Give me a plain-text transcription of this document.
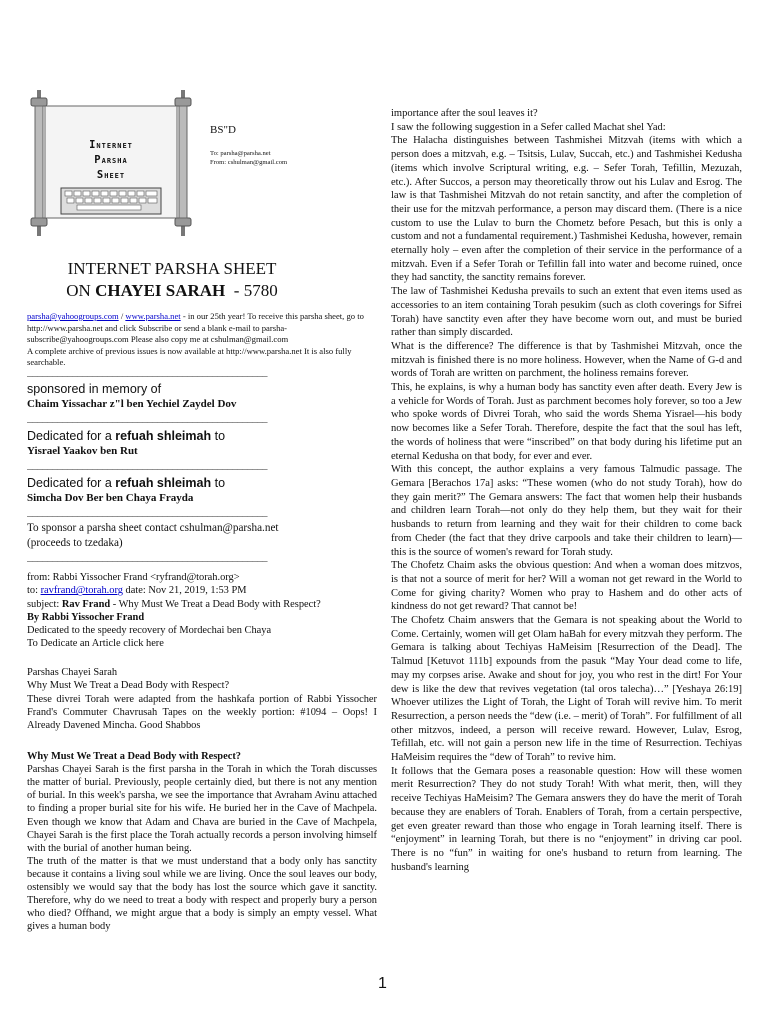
Internet
Parsha
Sheet
BS"D
To: parsha@parsha.net
From: cshulman@gmail.com
INTERNET PARSHA SHEET
ON CHAYEI SARAH  - 5780
parsha@yahoogroups.com / www.parsha.net - in our 25th year! To receive this parsha sheet, go to http://www.parsha.net and click Subscribe or send a blank e-mail to parsha-subscribe@yahoogroups.com Please also copy me at cshulman@gmail.com
A complete archive of previous issues is now available at http://www.parsha.net It is also fully searchable.
________________________________________________
sponsored in memory of
Chaim Yissachar z"l ben Yechiel Zaydel Dov
________________________________________________
Dedicated for a refuah shleimah to
Yisrael Yaakov ben Rut
________________________________________________
Dedicated for a refuah shleimah to
Simcha Dov Ber ben Chaya Frayda
________________________________________________
To sponsor a parsha sheet contact cshulman@parsha.net
(proceeds to tzedaka)
________________________________________________
from: Rabbi Yissocher Frand <ryfrand@torah.org>
to: ravfrand@torah.org date: Nov 21, 2019, 1:53 PM
subject: Rav Frand - Why Must We Treat a Dead Body with Respect?
By Rabbi Yissocher Frand
Dedicated to the speedy recovery of Mordechai ben Chaya
To Dedicate an Article click here
Parshas Chayei Sarah
Why Must We Treat a Dead Body with Respect?

These divrei Torah were adapted from the hashkafa portion of Rabbi Yissocher Frand's Commuter Chavrusah Tapes on the weekly portion: #1094 – Oops! I Already Davened Mincha. Good Shabbos

Why Must We Treat a Dead Body with Respect?

Parshas Chayei Sarah is the first parsha in the Torah in which the Torah discusses the matter of burial. Previously, people certainly died, but there is not any mention of burial. In this week's parsha, we see the importance that Avraham Avinu attached to finding a proper burial site for his wife. He buried her in the Cave of Machpela. Even though we know that Adam and Chava are buried in the Cave of Machpela, Chayei Sarah is the first place the Torah actually records a person involving himself with the burial of another human being.

The truth of the matter is that we must understand that a body only has sanctity because it contains a living soul while we are living. Once the soul leaves our body, ostensibly we would say that the body has lost the source which gave it sanctity. Therefore, why do we need to treat a body with respect and properly bury a person who died? Offhand, we might argue that a body is simply an empty vessel. What gives a human body

importance after the soul leaves it?

I saw the following suggestion in a Sefer called Machat shel Yad:

The Halacha distinguishes between Tashmishei Mitzvah (items with which a person does a mitzvah, e.g. – Tsitsis, Lulav, Succah, etc.) and Tashmishei Kedusha (items which involve Scriptural writing, e.g. – Sefer Torah, Tefillin, Mezuzah, etc.). After Succos, a person may theoretically throw out his Lulav and Esrog. The law is that Tashmishei Mitzvah do not retain sanctity, and after the completion of their use for the mitzvah performance, a person may discard them. (There is a nice custom to use the Lulav to burn the Chometz before Pesach, but this is only a custom and not a fundamental requirement.) Tashmishei Kedusha, however, remain eternally holy – even after the completion of their service in the performance of a mitzvah. Even if a Sefer Torah or Tefillin fall into water and become ruined, once they had sanctity, the sanctity remains forever.

The law of Tashmishei Kedusha prevails to such an extent that even items used as accessories to an item containing Torah pesukim (such as cloth coverings for Sifrei Torah) have sanctity even after they have become worn out, and must be buried rather than simply discarded.

What is the difference? The difference is that by Tashmishei Mitzvah, once the mitzvah is finished there is no more holiness. However, when the Name of G-d and words of Torah are written on parchment, the holiness remains forever.

This, he explains, is why a human body has sanctity even after death. Every Jew is a vehicle for Words of Torah. Just as parchment becomes holy forever, so too a Jew who spoke words of Divrei Torah, who said the words Shema Yisrael—his body now becomes like a Sefer Torah. Therefore, despite the fact that the soul has left, the words of holiness that were “inscribed” on that body during his lifetime put an eternal Kedusha on that body, for ever and ever.

With this concept, the author explains a very famous Talmudic passage. The Gemara [Berachos 17a] asks: “These women (who do not study Torah), how do they gain merit?” The Gemara answers: The fact that women help their husbands and children learn Torah—not only do they help them, but they wait for their husbands to return from learning and they wait for their children to come back from Cheder (the fact that they drive carpools and take their children to learn)—this is the source of women's reward for Torah study.

The Chofetz Chaim asks the obvious question: And when a woman does mitzvos, is that not a source of merit for her? Will a woman not get reward in the World to Come for giving charity? Women who pray to Hashem and do other acts of kindness do not get reward? That cannot be!

The Chofetz Chaim answers that the Gemara is not speaking about the World to Come. Certainly, women will get Olam haBah for every mitzvah they perform. The Gemara is talking about Techiyas HaMeisim [Resurrection of the Dead]. The Talmud [Ketuvot 111b] expounds from the pasuk “May Your dead come to life, may my corpses arise. Awake and shout for joy, you who rest in the dirt! For Your dew is like the dew that revives vegetation (tal oros talecha)…” [Yeshaya 26:19] Whoever utilizes the Light of Torah, the Light of Torah will revive him. To merit Resurrection, a person needs the “dew (i.e. – merit) of Torah”. For fulfillment of all other mitzvos, indeed, a person will receive reward. However, Lulav, Esrog, Tefillah, etc. will not gain a person new life in the time of Resurrection. Techiyas HaMeisim requires the “dew of Torah” to revive him.

It follows that the Gemara poses a reasonable question: How will these women merit Resurrection? They do not study Torah! With what merit, then, will they receive Techiyas HaMeisim? The Gemara answers they do have the merit of Torah because they are enablers of Torah. Enablers of Torah, from a certain perspective, get even greater reward than those who engage in Torah learning itself. There is “enjoyment” in learning Torah, but there is no “enjoyment” in driving car pool. There is no “fun” in waiting for one's husband to return from learning. The husband's learning

1
